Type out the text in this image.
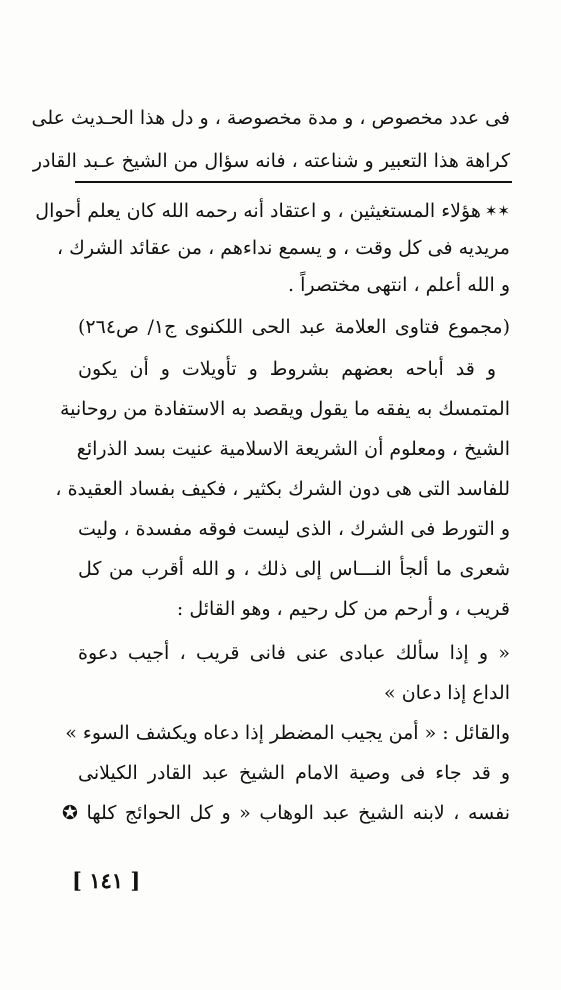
فى عدد مخصوص ، و مدة مخصوصة ، و دل هذا الحـديث على
كراهة هذا التعبير و شناعته ، فانه سؤال من الشيخ عـبد القادر
✶✶
هؤلاء المستغيثين ، و اعتقاد أنه رحمه الله كان يعلم أحوال
مريديه فى كل وقت ، و يسمع نداءهم ، من عقائد الشرك ،
و الله أعلم ، انتهى مختصراً .
(مجموع فتاوى العلامة عبد الحى اللكنوى ج١/ ص٢٦٤)
و قد أباحه بعضهم بشروط و تأويلات و أن يكون
المتمسك به يفقه ما يقول ويقصد به الاستفادة من روحانية
الشيخ ، ومعلوم أن الشريعة الاسلامية عنيت بسد الذرائع
للفاسد التى هى دون الشرك بكثير ، فكيف بفساد العقيدة ،
و التورط فى الشرك ، الذى ليست فوقه مفسدة ، وليت
شعرى ما ألجأ النـــاس إلى ذلك ، و الله أقرب من كل
قريب ، و أرحم من كل رحيم ، وهو القائل :
« و إذا سألك عبادى عنى فانى قريب ، أجيب دعوة
الداع إذا دعان »
والقائل : « أمن يجيب المضطر إذا دعاه ويكشف السوء »
و قد جاء فى وصية الامام الشيخ عبد القادر الكيلانى
نفسه ، لابنه الشيخ عبد الوهاب « و كل الحوائج كلها ✪
[ ١٤١ ]
